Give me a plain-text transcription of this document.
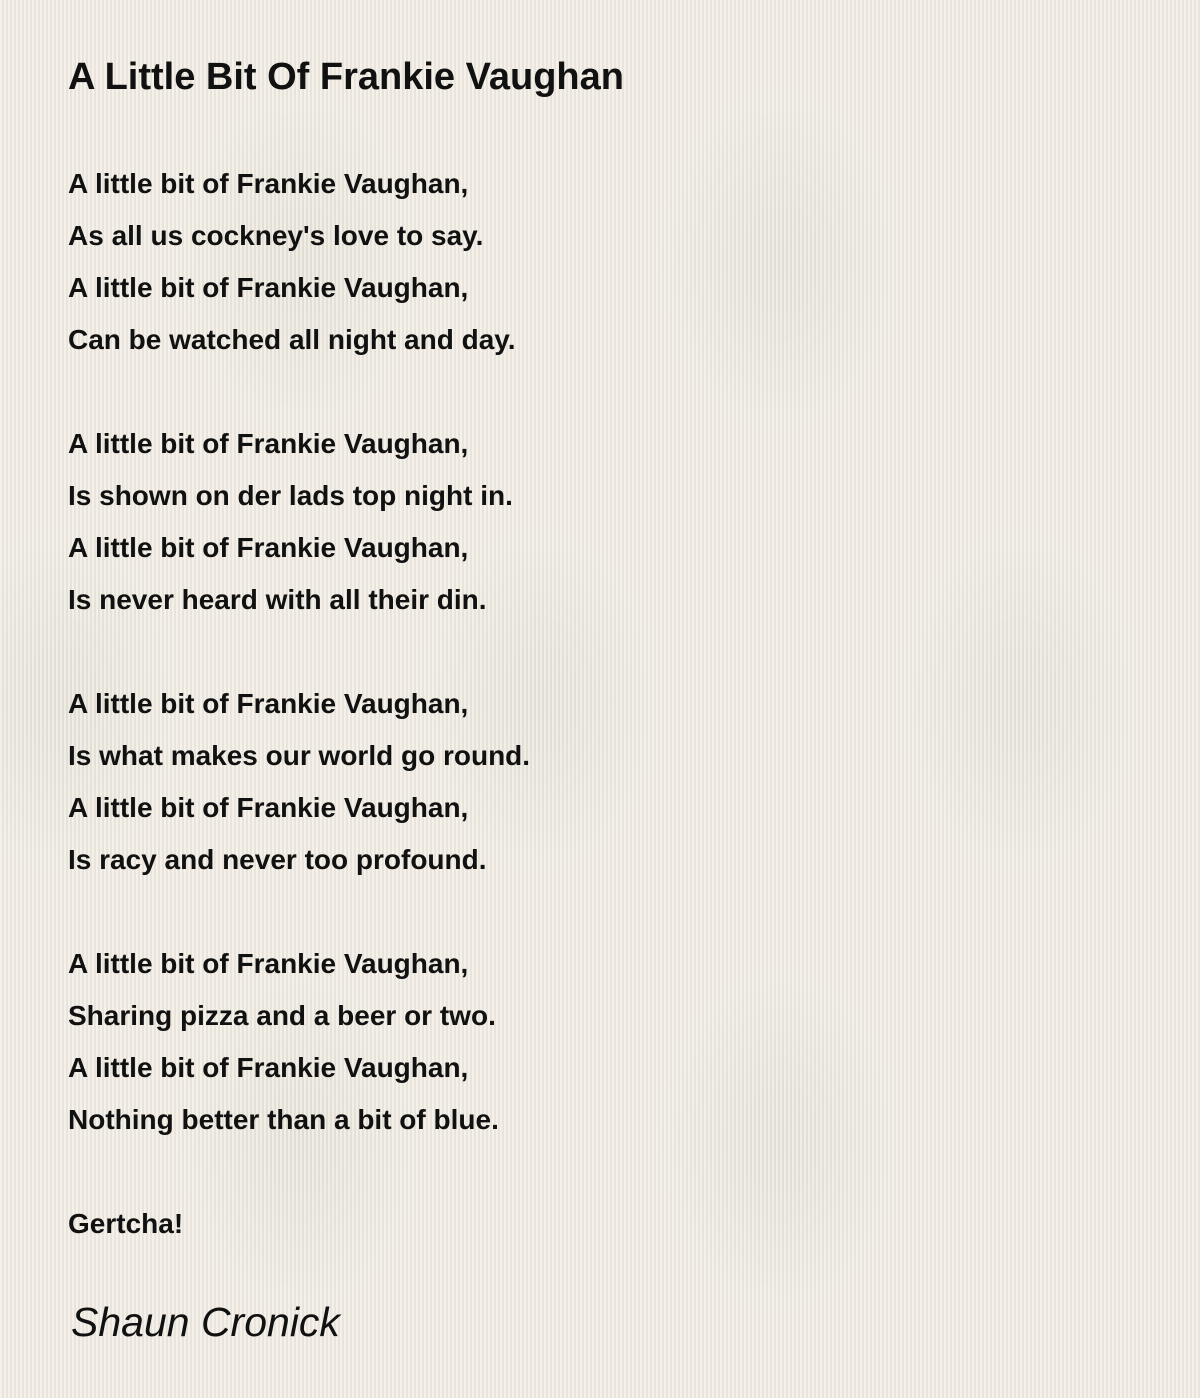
A Little Bit Of Frankie Vaughan
A little bit of Frankie Vaughan,
As all us cockney's love to say.
A little bit of Frankie Vaughan,
Can be watched all night and day.
A little bit of Frankie Vaughan,
Is shown on der lads top night in.
A little bit of Frankie Vaughan,
Is never heard with all their din.
A little bit of Frankie Vaughan,
Is what makes our world go round.
A little bit of Frankie Vaughan,
Is racy and never too profound.
A little bit of Frankie Vaughan,
Sharing pizza and a beer or two.
A little bit of Frankie Vaughan,
Nothing better than a bit of blue.
Gertcha!
Shaun Cronick
